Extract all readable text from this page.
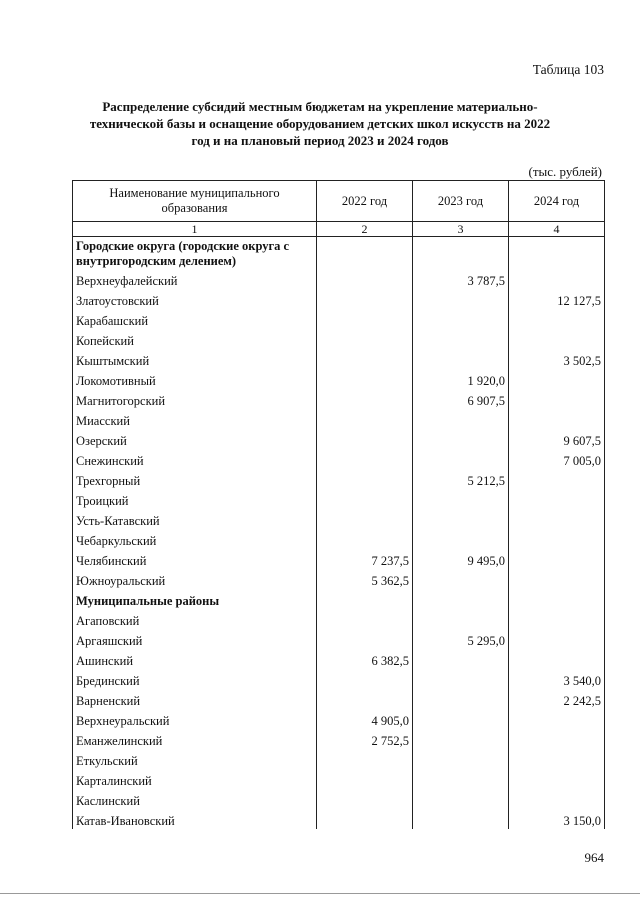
Таблица 103
Распределение субсидий местным бюджетам на укрепление материально-технической базы и оснащение оборудованием детских школ искусств на 2022 год и на плановый период 2023 и 2024 годов
(тыс. рублей)
Наименование муниципального образования	2022 год	2023 год	2024 год
1	2	3	4
Городские округа (городские округа с внутригородским делением)			
Верхнеуфалейский		3 787,5	
Златоустовский			12 127,5
Карабашский			
Копейский			
Кыштымский			3 502,5
Локомотивный		1 920,0	
Магнитогорский		6 907,5	
Миасский			
Озерский			9 607,5
Снежинский			7 005,0
Трехгорный		5 212,5	
Троицкий			
Усть-Катавский			
Чебаркульский			
Челябинский	7 237,5	9 495,0	
Южноуральский	5 362,5		
Муниципальные районы			
Агаповский			
Аргаяшский		5 295,0	
Ашинский	6 382,5		
Брединский			3 540,0
Варненский			2 242,5
Верхнеуральский	4 905,0		
Еманжелинский	2 752,5		
Еткульский			
Карталинский			
Каслинский			
Катав-Ивановский			3 150,0
964
